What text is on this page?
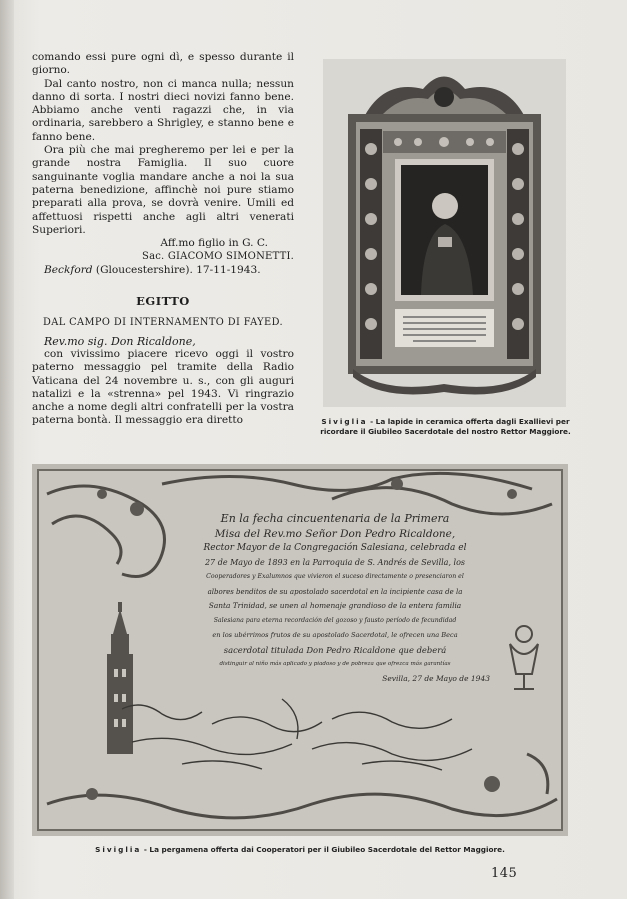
comando essi pure ogni dì, e spesso durante il giorno.

Dal canto nostro, non ci manca nulla; nessun danno di sorta. I nostri dieci novizi fanno bene. Abbiamo anche venti ragazzi che, in via ordinaria, sarebbero a Shrigley, e stanno bene e fanno bene.

Ora più che mai pregheremo per lei e per la grande nostra Famiglia. Il suo cuore sanguinante voglia mandare anche a noi la sua paterna benedizione, affinchè noi pure stiamo preparati alla prova, se dovrà venire. Umili ed affettuosi rispetti anche agli altri venerati Superiori.

Aff.mo figlio in G. C.

Sac. GIACOMO SIMONETTI.

Beckford (Gloucestershire). 17-11-1943.

EGITTO
DAL CAMPO DI INTERNAMENTO DI FAYED.

Rev.mo sig. Don Ricaldone,

con vivissimo piacere ricevo oggi il vostro paterno messaggio pel tramite della Radio Vaticana del 24 novembre u. s., con gli auguri natalizi e la «strenna» pel 1943. Vi ringrazio anche a nome degli altri confratelli per la vostra paterna bontà. Il messaggio era diretto	Siviglia - La lapide in ceramica offerta dagli Exallievi per ricordare il Giubileo Sacerdotale del nostro Rettor Maggiore.
En la fecha cincuentenaria de la Primera
Misa del Rev.mo Señor Don Pedro Ricaldone,
Rector Mayor de la Congregación Salesiana, celebrada el
27 de Mayo de 1893 en la Parroquia de S. Andrés de Sevilla, los
Cooperadores y Exalumnos que vivieron el suceso directamente o presenciaron el
albores benditos de su apostolado sacerdotal en la incipiente casa de la
Santa Trinidad, se unen al homenaje grandioso de la entera familia
Salesiana para eterna recordación del gozoso y fausto período de fecundidad
en los ubérrimos frutos de su apostolado Sacerdotal, le ofrecen una Beca
sacerdotal titulada Don Pedro Ricaldone que deberá
distinguir al niño más aplicado y piadoso y de pobreza que ofrezca más garantías
Sevilla, 27 de Mayo de 1943
Siviglia - La pergamena offerta dai Cooperatori per il Giubileo Sacerdotale del Rettor Maggiore.
145
